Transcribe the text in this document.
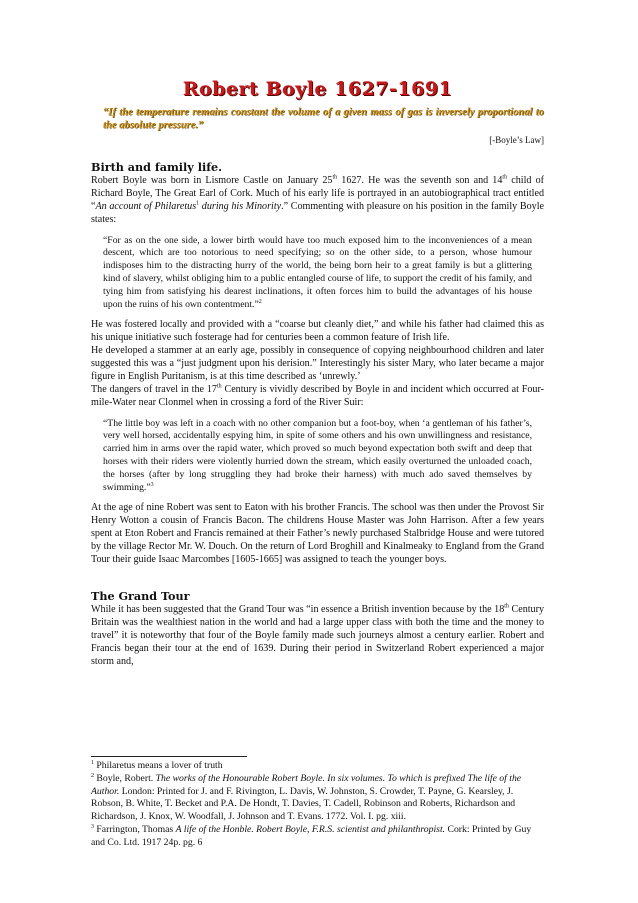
Robert Boyle 1627-1691

“If the temperature remains constant the volume of a given mass of gas is inversely proportional to the absolute pressure.”

[-Boyle’s Law]

Birth and family life.

Robert Boyle was born in Lismore Castle on January 25th 1627. He was the seventh son and 14th child of Richard Boyle, The Great Earl of Cork. Much of his early life is portrayed in an autobiographical tract entitled “An account of Philaretus$^1$ during his Minority.” Commenting with pleasure on his position in the family Boyle states:

“For as on the one side, a lower birth would have too much exposed him to the inconveniences of a mean descent, which are too notorious to need specifying; so on the other side, to a person, whose humour indisposes him to the distracting hurry of the world, the being born heir to a great family is but a glittering kind of slavery, whilst obliging him to a public entangled course of life, to support the credit of his family, and tying him from satisfying his dearest inclinations, it often forces him to build the advantages of his house upon the ruins of his own contentment.”$^2$

He was fostered locally and provided with a “coarse but cleanly diet,” and while his father had claimed this as his unique initiative such fosterage had for centuries been a common feature of Irish life.

He developed a stammer at an early age, possibly in consequence of copying neighbourhood children and later suggested this was a “just judgment upon his derision.” Interestingly his sister Mary, who later became a major figure in English Puritanism, is at this time described as ‘unrewly.’

The dangers of travel in the 17th Century is vividly described by Boyle in and incident which occurred at Four-mile-Water near Clonmel when in crossing a ford of the River Suir:

“The little boy was left in a coach with no other companion but a foot-boy, when ‘a gentleman of his father’s, very well horsed, accidentally espying him, in spite of some others and his own unwillingness and resistance, carried him in arms over the rapid water, which proved so much beyond expectation both swift and deep that horses with their riders were violently hurried down the stream, which easily overturned the unloaded coach, the horses (after by long struggling they had broke their harness) with much ado saved themselves by swimming.”$^3$

At the age of nine Robert was sent to Eaton with his brother Francis. The school was then under the Provost Sir Henry Wotton a cousin of Francis Bacon. The childrens House Master was John Harrison. After a few years spent at Eton Robert and Francis remained at their Father’s newly purchased Stalbridge House and were tutored by the village Rector Mr. W. Douch. On the return of Lord Broghill and Kinalmeaky to England from the Grand Tour their guide Isaac Marcombes [1605-1665] was assigned to teach the younger boys.

The Grand Tour

While it has been suggested that the Grand Tour was “in essence a British invention because by the 18th Century Britain was the wealthiest nation in the world and had a large upper class with both the time and the money to travel” it is noteworthy that four of the Boyle family made such journeys almost a century earlier. Robert and Francis began their tour at the end of 1639. During their period in Switzerland Robert experienced a major storm and,

$^1$ Philaretus means a lover of truth
$^2$ Boyle, Robert. The works of the Honourable Robert Boyle. In six volumes. To which is prefixed The life of the Author. London: Printed for J. and F. Rivington, L. Davis, W. Johnston, S. Crowder, T. Payne, G. Kearsley, J. Robson, B. White, T. Becket and P.A. De Hondt, T. Davies, T. Cadell, Robinson and Roberts, Richardson and Richardson, J. Knox, W. Woodfall, J. Johnson and T. Evans. 1772. Vol. I. pg. xiii.
$^3$ Farrington, Thomas A life of the Honble. Robert Boyle, F.R.S. scientist and philanthropist. Cork: Printed by Guy and Co. Ltd. 1917 24p. pg. 6
